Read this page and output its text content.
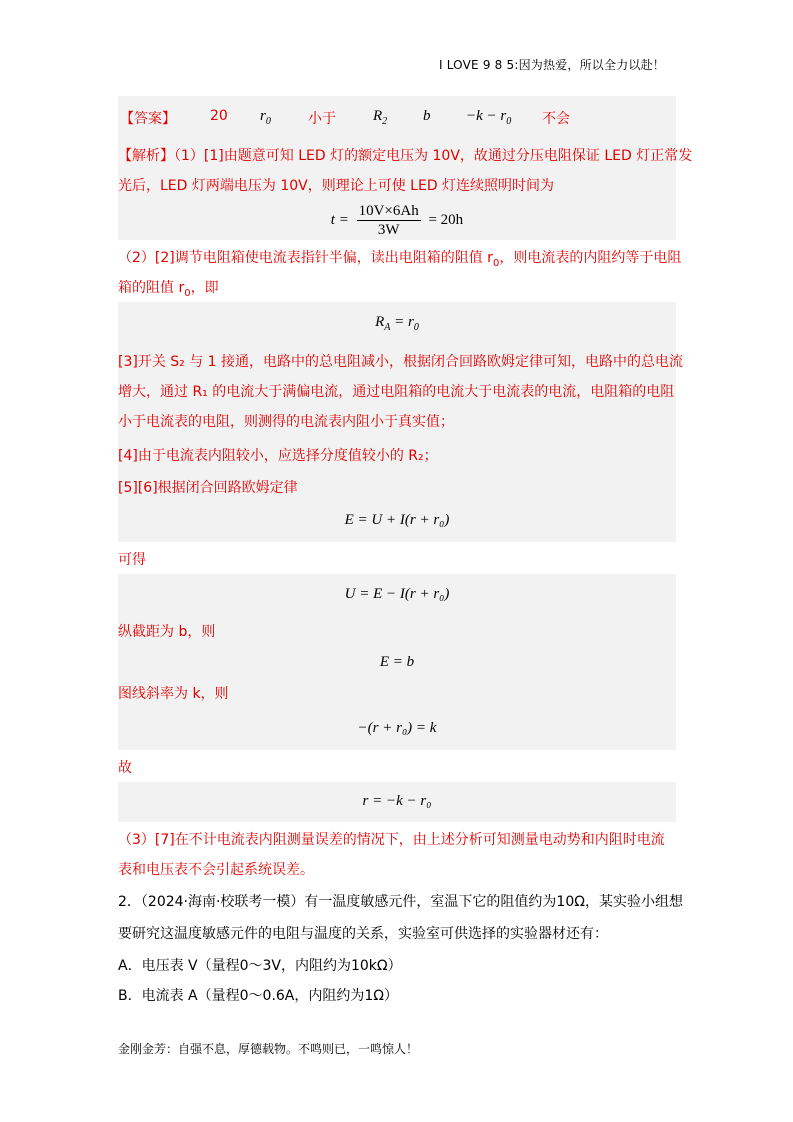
I LOVE 9 8 5:因为热爱，所以全力以赴！
【答案】 20 $r_0$	小于 $R_2$ $b -k - r_0$ 不会
【解析】（1）[1]由题意可知 LED 灯的额定电压为 10V，故通过分压电阻保证 LED 灯正常发
光后，LED 灯两端电压为 10V，则理论上可使 LED 灯连续照明时间为
$t = \frac{10V\times 6Ah}{3W} = 20h$
（2）[2]调节电阻箱使电流表指针半偏，读出电阻箱的阻值 $r_0$，则电流表的内阻约等于电阻
箱的阻值 $r_0$，即
$R_A = r_0$
[3]开关 S₂ 与 1 接通，电路中的总电阻减小，根据闭合回路欧姆定律可知，电路中的总电流
增大，通过 R₁ 的电流大于满偏电流，通过电阻箱的电流大于电流表的电流，电阻箱的电阻
小于电流表的电阻，则测得的电流表内阻小于真实值；
[4]由于电流表内阻较小，应选择分度值较小的 R₂；
[5][6]根据闭合回路欧姆定律
E = U + I(r + r₀)
可得
U = E − I(r + r₀)
纵截距为 b，则
E = b
图线斜率为 k，则
−(r + r₀) = k
故
r = −k − r₀
（3）[7]在不计电流表内阻测量误差的情况下，由上述分析可知测量电动势和内阻时电流
表和电压表不会引起系统误差。
2．（2024·海南·校联考一模）有一温度敏感元件，室温下它的阻值约为10Ω，某实验小组想
要研究这温度敏感元件的电阻与温度的关系，实验室可供选择的实验器材还有：
A．电压表 V（量程0～3V，内阻约为10kΩ）
B．电流表 A（量程0～0.6A，内阻约为1Ω）
金刚金芳：自强不息，厚德载物。不鸣则已，一鸣惊人！
